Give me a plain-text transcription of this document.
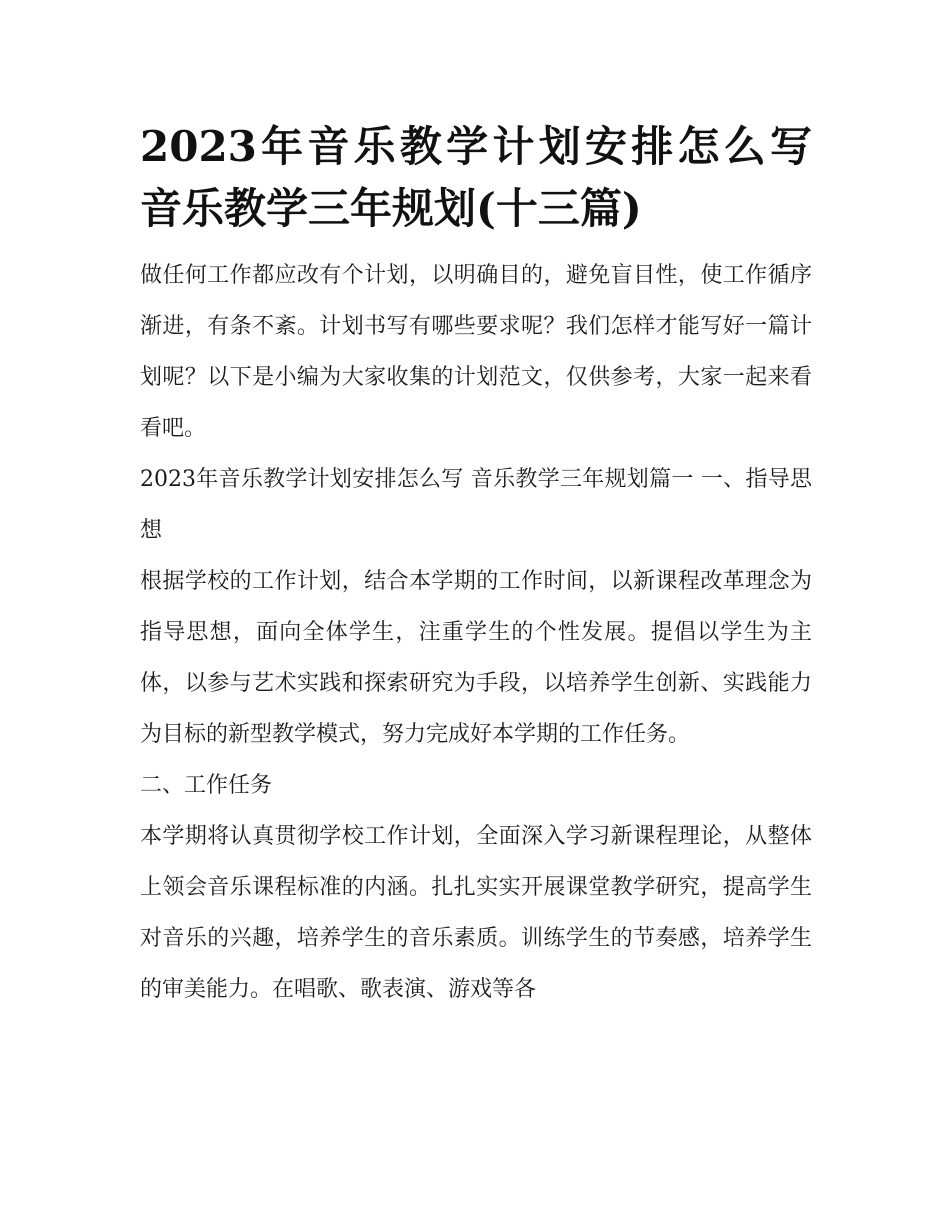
2023年音乐教学计划安排怎么写 音乐教学三年规划(十三篇)

做任何工作都应改有个计划，以明确目的，避免盲目性，使工作循序渐进，有条不紊。计划书写有哪些要求呢？我们怎样才能写好一篇计划呢？以下是小编为大家收集的计划范文，仅供参考，大家一起来看看吧。

2023年音乐教学计划安排怎么写 音乐教学三年规划篇一 一、指导思想

根据学校的工作计划，结合本学期的工作时间，以新课程改革理念为指导思想，面向全体学生，注重学生的个性发展。提倡以学生为主体，以参与艺术实践和探索研究为手段，以培养学生创新、实践能力为目标的新型教学模式，努力完成好本学期的工作任务。

二、工作任务

本学期将认真贯彻学校工作计划，全面深入学习新课程理论，从整体上领会音乐课程标准的内涵。扎扎实实开展课堂教学研究，提高学生对音乐的兴趣，培养学生的音乐素质。训练学生的节奏感，培养学生的审美能力。在唱歌、歌表演、游戏等各
